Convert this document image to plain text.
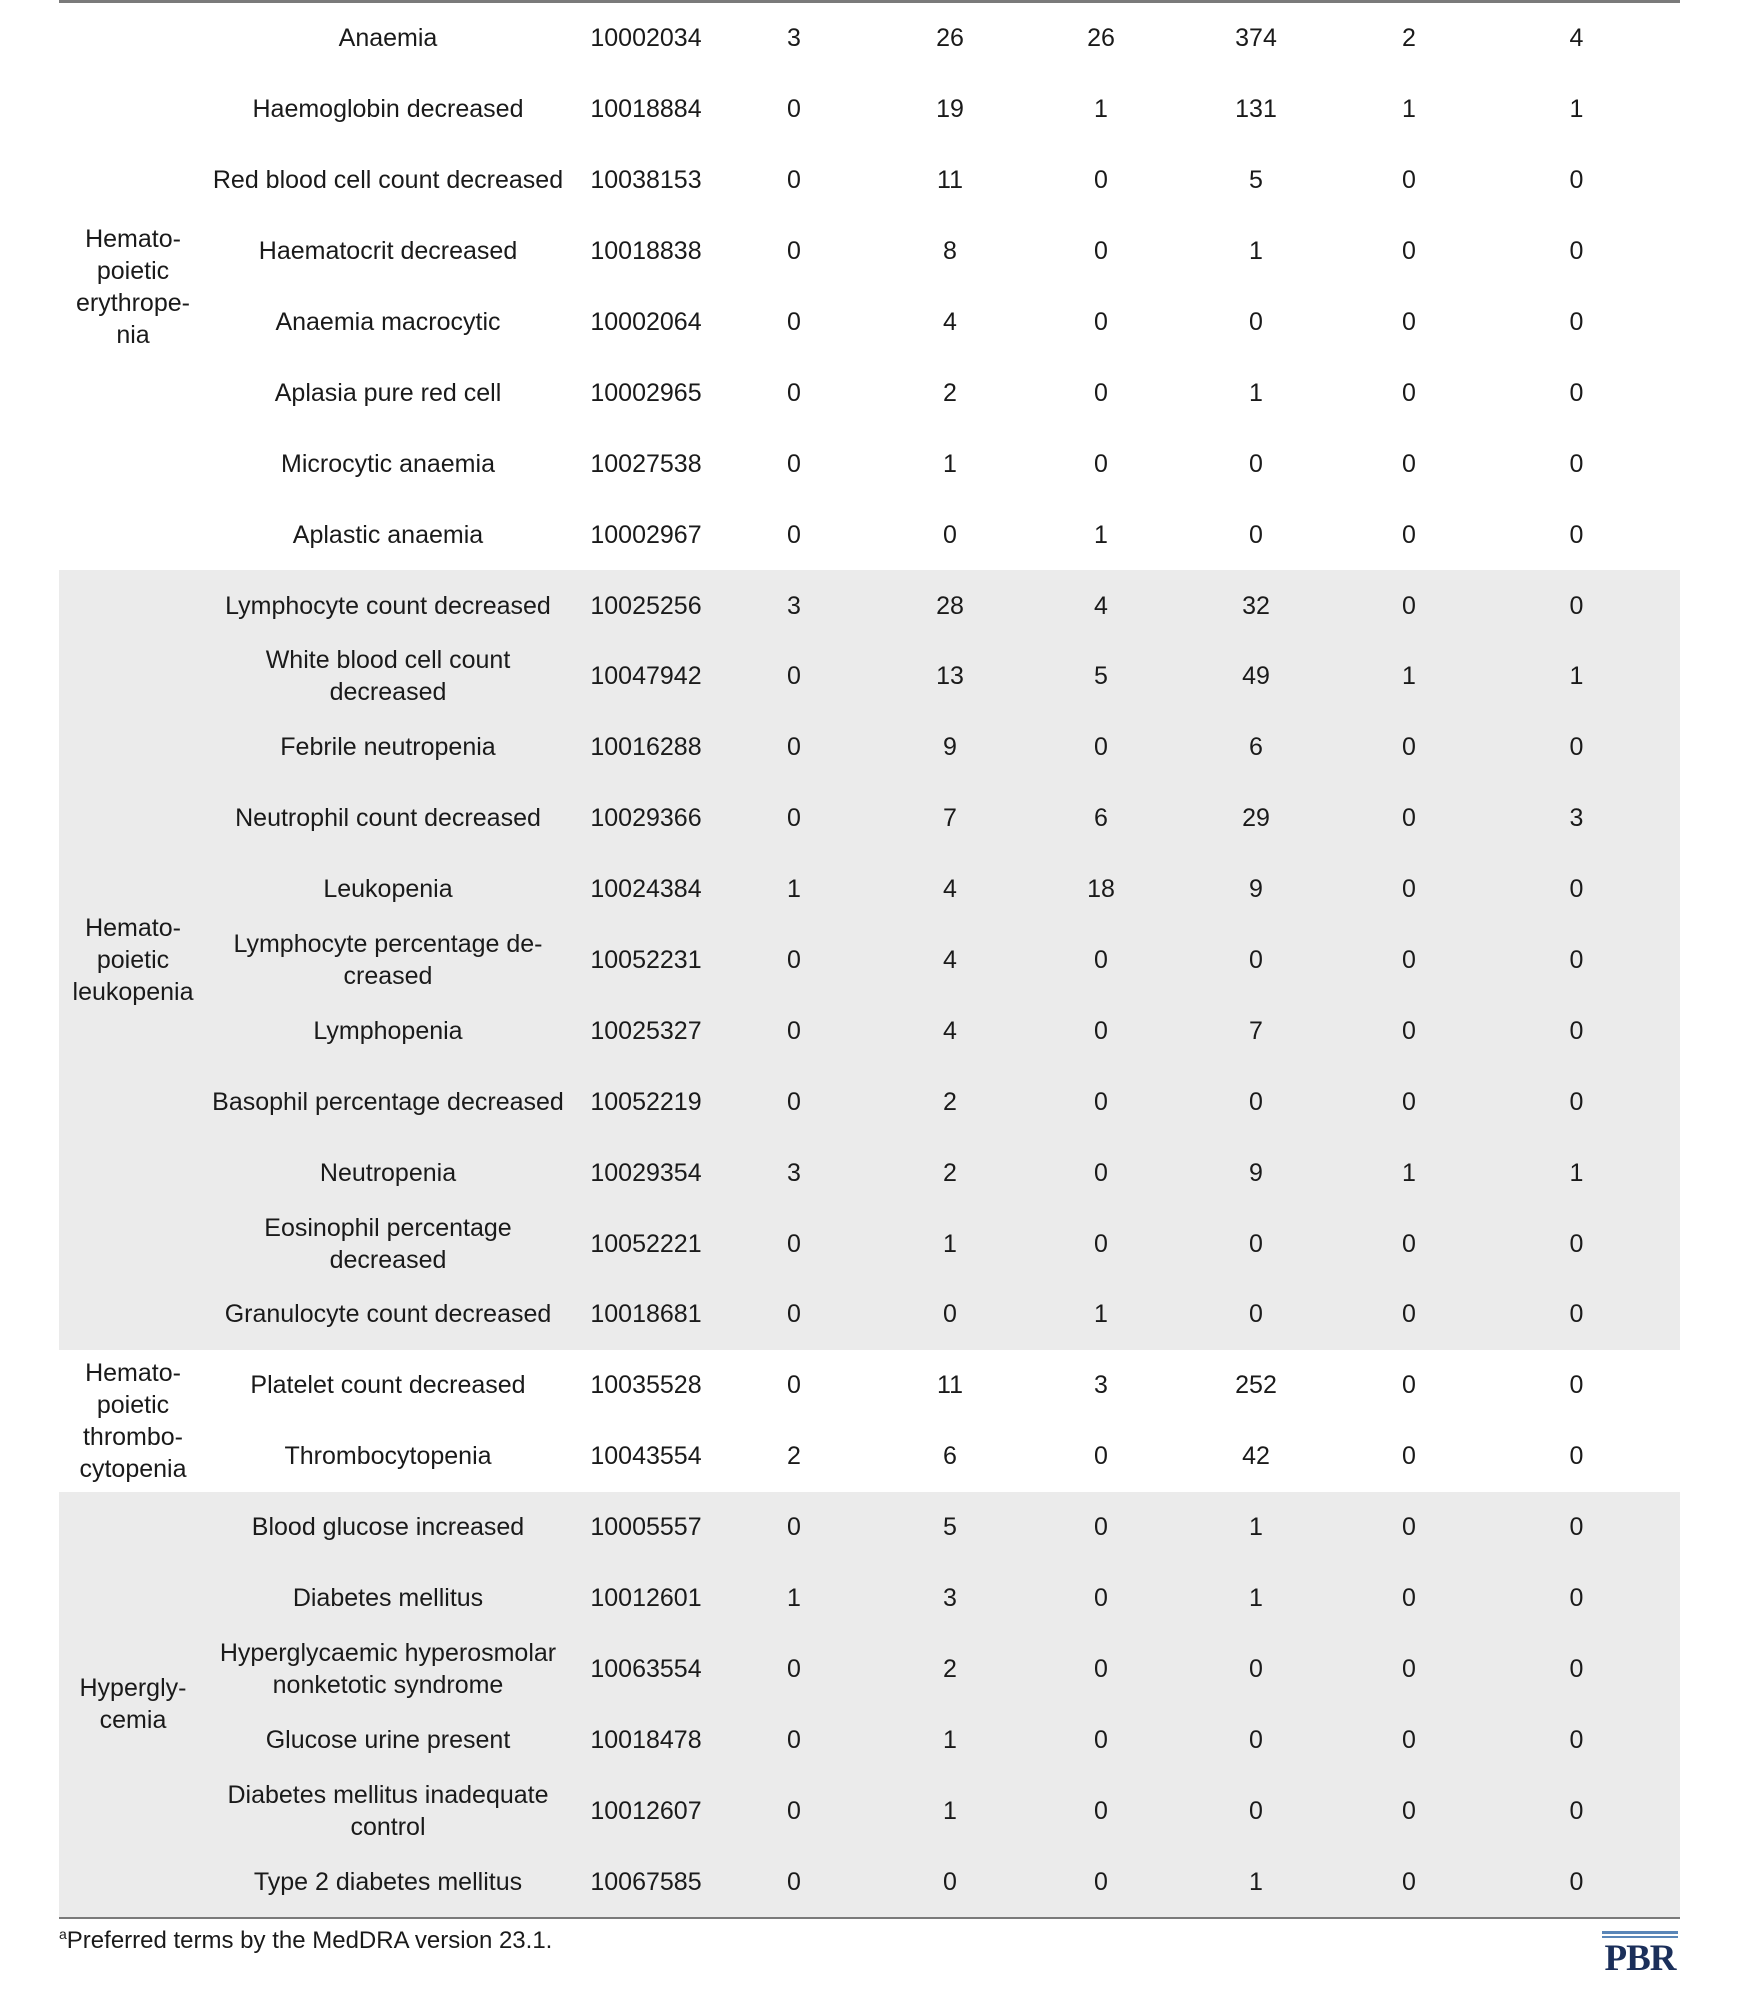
Hemato-
poietic
erythrope-
nia	Anaemia	10002034	3	26	26	374	2	4
	Haemoglobin decreased	10018884	0	19	1	131	1	1
	Red blood cell count decreased	10038153	0	11	0	5	0	0
	Haematocrit decreased	10018838	0	8	0	1	0	0
	Anaemia macrocytic	10002064	0	4	0	0	0	0
	Aplasia pure red cell	10002965	0	2	0	1	0	0
	Microcytic anaemia	10027538	0	1	0	0	0	0
	Aplastic anaemia	10002967	0	0	1	0	0	0
Hemato-
poietic
leukopenia	Lymphocyte count decreased	10025256	3	28	4	32	0	0
	White blood cell count decreased	10047942	0	13	5	49	1	1
	Febrile neutropenia	10016288	0	9	0	6	0	0
	Neutrophil count decreased	10029366	0	7	6	29	0	3
	Leukopenia	10024384	1	4	18	9	0	0
	Lymphocyte percentage de-
creased	10052231	0	4	0	0	0	0
	Lymphopenia	10025327	0	4	0	7	0	0
	Basophil percentage decreased	10052219	0	2	0	0	0	0
	Neutropenia	10029354	3	2	0	9	1	1
	Eosinophil percentage decreased	10052221	0	1	0	0	0	0
	Granulocyte count decreased	10018681	0	0	1	0	0	0
Hemato-
poietic
thrombo-
cytopenia	Platelet count decreased	10035528	0	11	3	252	0	0
	Thrombocytopenia	10043554	2	6	0	42	0	0
Hypergly-
cemia	Blood glucose increased	10005557	0	5	0	1	0	0
	Diabetes mellitus	10012601	1	3	0	1	0	0
	Hyperglycaemic hyperosmolar
nonketotic syndrome	10063554	0	2	0	0	0	0
	Glucose urine present	10018478	0	1	0	0	0	0
	Diabetes mellitus inadequate
control	10012607	0	1	0	0	0	0
	Type 2 diabetes mellitus	10067585	0	0	0	1	0	0
$^a$Preferred terms by the MedDRA version 23.1.	PBR
